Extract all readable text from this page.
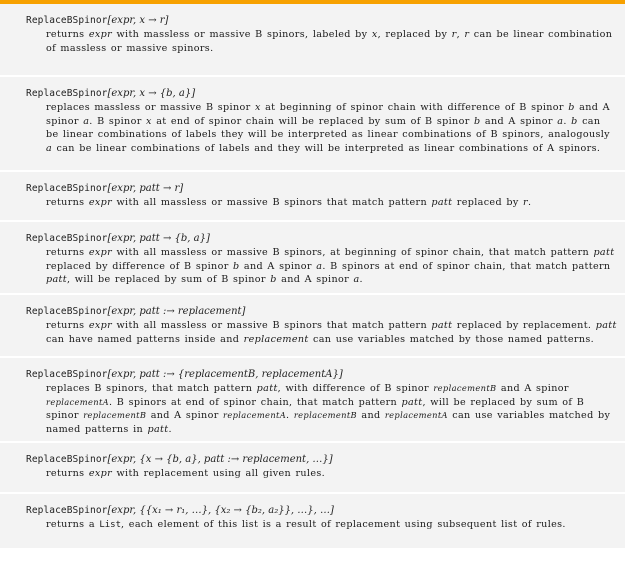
ReplaceBSpinor[expr, x → r]
returns expr with massless or massive B spinors, labeled by x, replaced by r, r can be linear combination of massless or massive spinors.
ReplaceBSpinor[expr, x → {b, a}]
replaces massless or massive B spinor x at beginning of spinor chain with difference of B spinor b and A spinor a. B spinor x at end of spinor chain will be replaced by sum of B spinor b and A spinor a. b can be linear combinations of labels they will be interpreted as linear combinations of B spinors, analogously a can be linear combinations of labels and they will be interpreted as linear combinations of A spinors.
ReplaceBSpinor[expr, patt → r]
returns expr with all massless or massive B spinors that match pattern patt replaced by r.
ReplaceBSpinor[expr, patt → {b, a}]
returns expr with all massless or massive B spinors, at beginning of spinor chain, that match pattern patt replaced by difference of B spinor b and A spinor a. B spinors at end of spinor chain, that match pattern patt, will be replaced by sum of B spinor b and A spinor a.
ReplaceBSpinor[expr, patt :→ replacement]
returns expr with all massless or massive B spinors that match pattern patt replaced by replacement. patt can have named patterns inside and replacement can use variables matched by those named patterns.
ReplaceBSpinor[expr, patt :→ {replacementB, replacementA}]
replaces B spinors, that match pattern patt, with difference of B spinor replacementB and A spinor replacementA. B spinors at end of spinor chain, that match pattern patt, will be replaced by sum of B spinor replacementB and A spinor replacementA. replacementB and replacementA can use variables matched by named patterns in patt.
ReplaceBSpinor[expr, {x → {b, a}, patt :→ replacement, …}]
returns expr with replacement using all given rules.
ReplaceBSpinor[expr, {{x₁ → r₁, …}, {x₂ → {b₂, a₂}}, …}, …]
returns a List, each element of this list is a result of replacement using subsequent list of rules.
